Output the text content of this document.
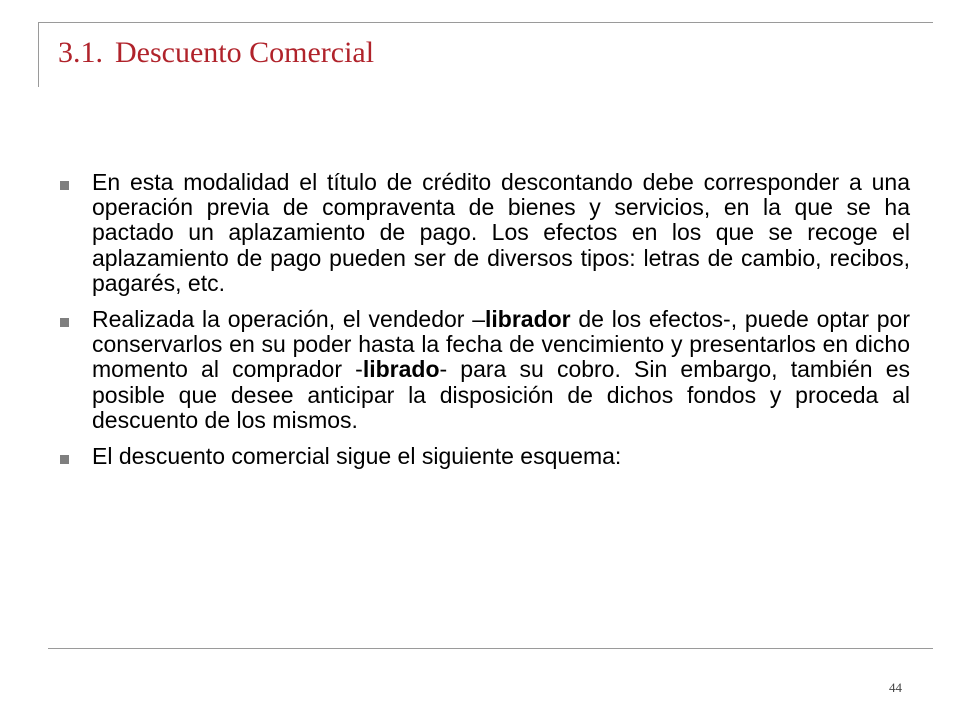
3.1. Descuento Comercial
En esta modalidad el título de crédito descontando debe corresponder a una operación previa de compraventa de bienes y servicios, en la que se ha pactado un aplazamiento de pago. Los efectos en los que se recoge el aplazamiento de pago pueden ser de diversos tipos: letras de cambio, recibos, pagarés, etc.
Realizada la operación, el vendedor –librador de los efectos-, puede optar por conservarlos en su poder hasta la fecha de vencimiento y presentarlos en dicho momento al comprador -librado- para su cobro. Sin embargo, también es posible que desee anticipar la disposición de dichos fondos y proceda al descuento de los mismos.
El descuento comercial sigue el siguiente esquema:
44
